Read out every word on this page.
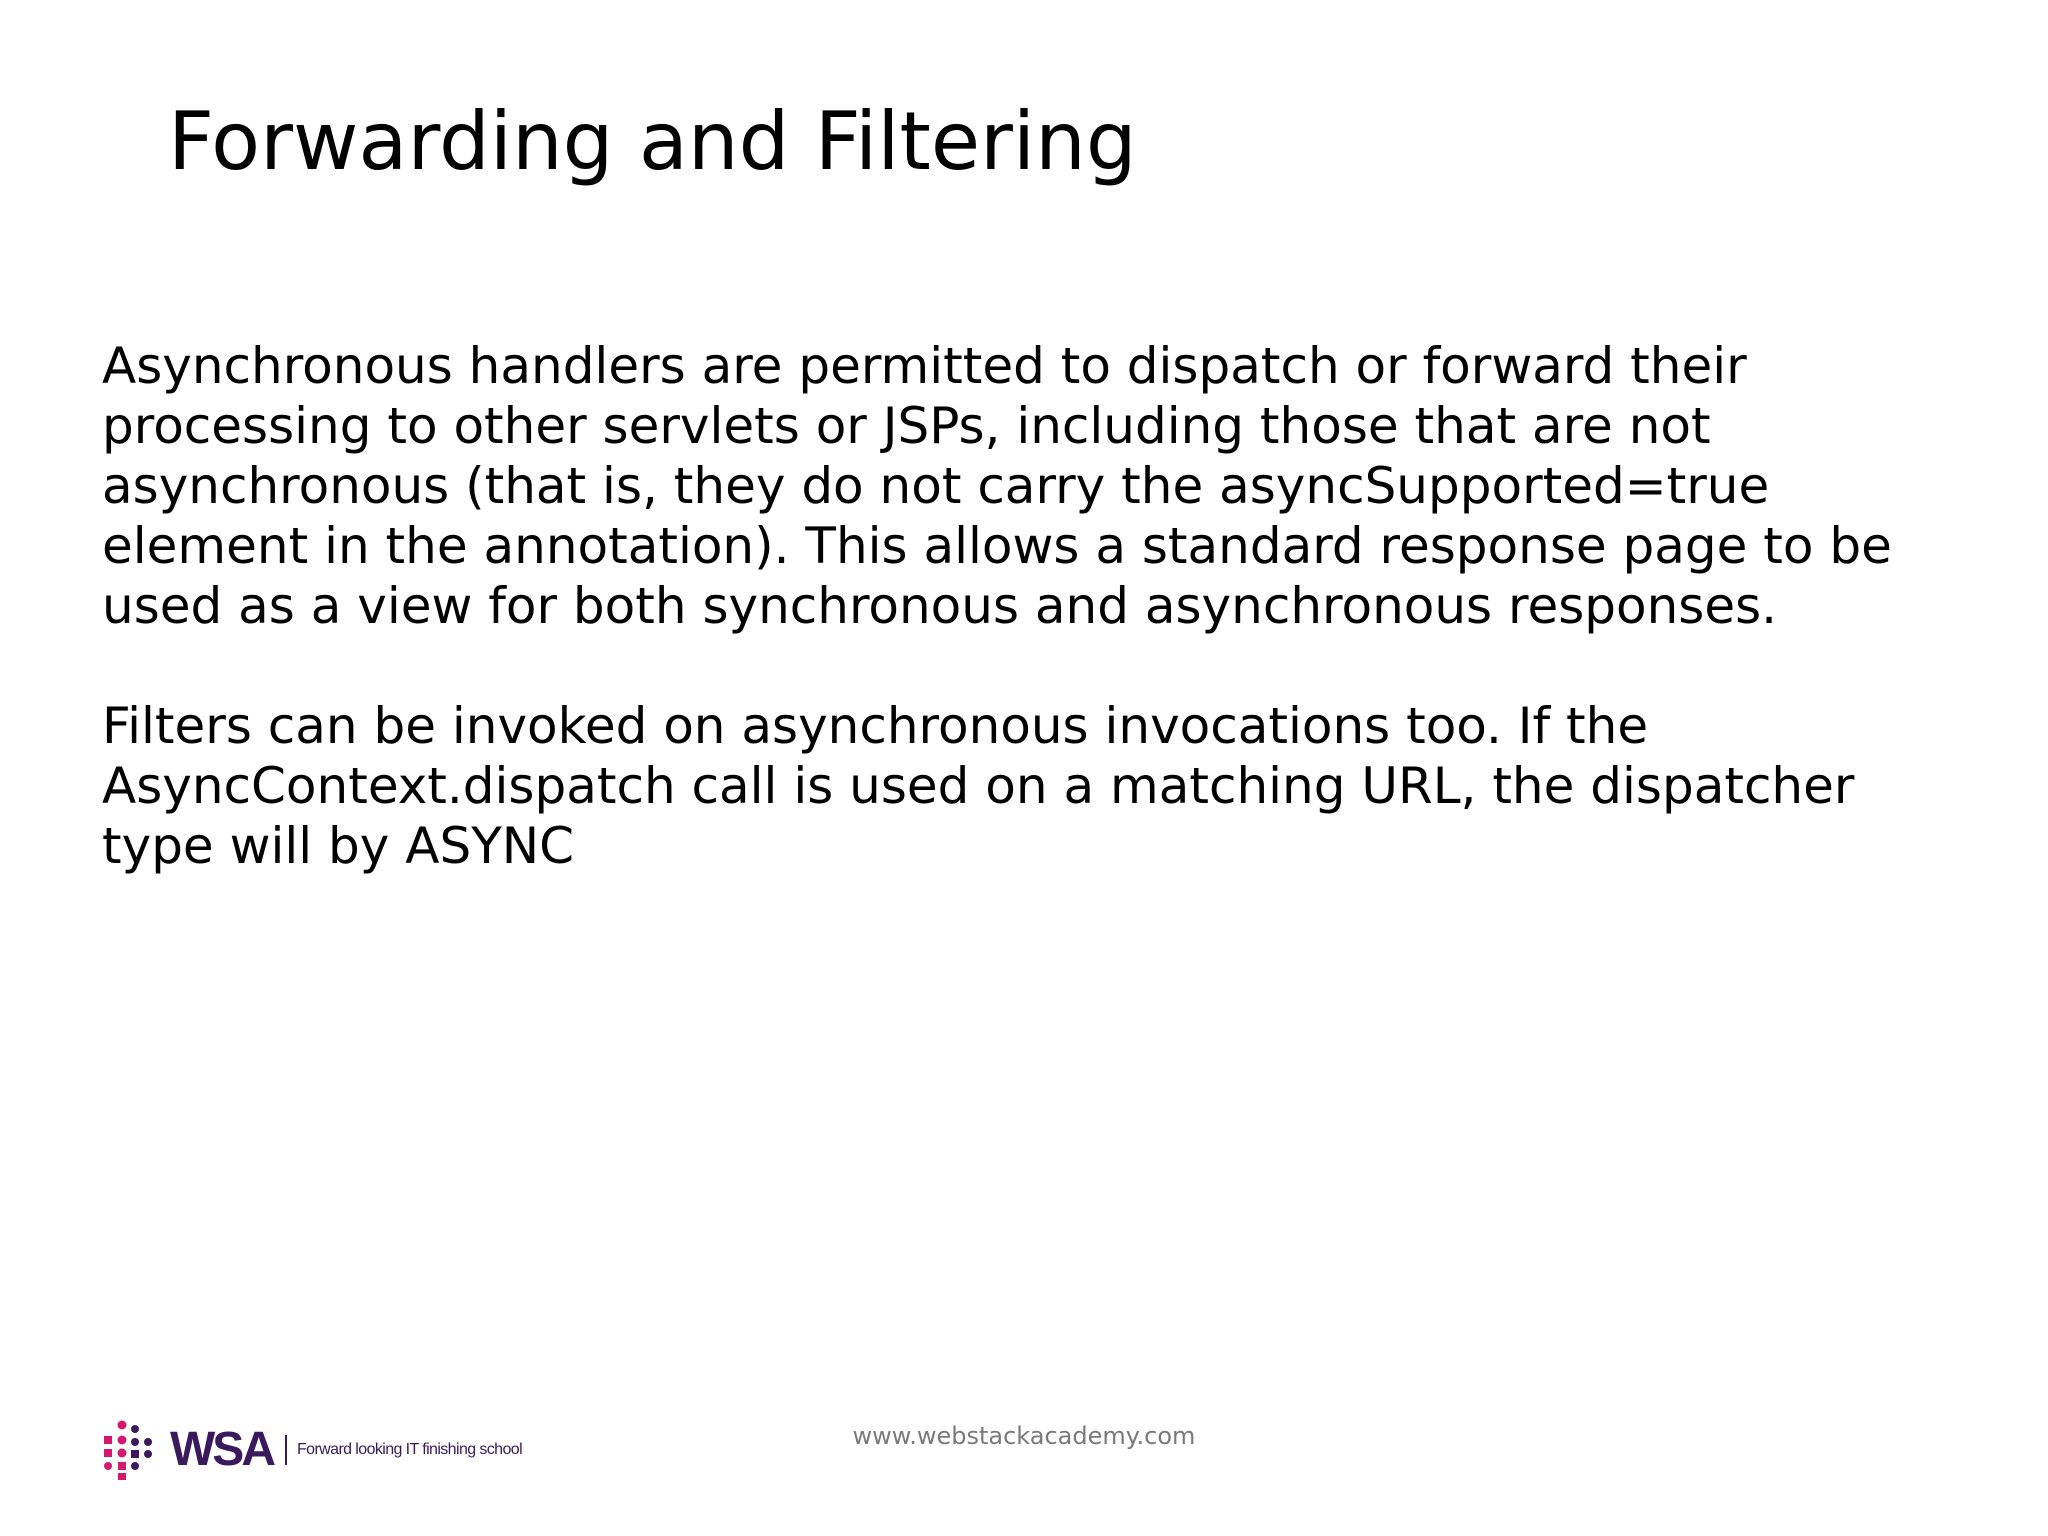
Forwarding and Filtering

Asynchronous handlers are permitted to dispatch or forward their processing to other servlets or JSPs, including those that are not asynchronous (that is, they do not carry the asyncSupported=true element in the annotation). This allows a standard response page to be used as a view for both synchronous and asynchronous responses.

Filters can be invoked on asynchronous invocations too. If the AsyncContext.dispatch call is used on a matching URL, the dispatcher type will by ASYNC

www.webstackacademy.com
WSA Forward looking IT finishing school
